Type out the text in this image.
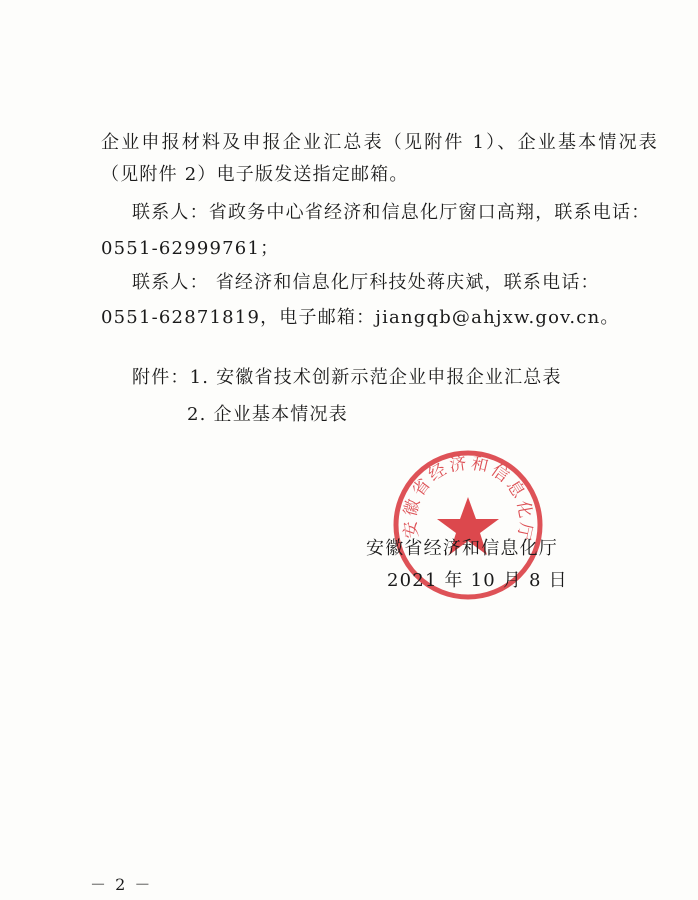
企业申报材料及申报企业汇总表（见附件 1）、企业基本情况表
（见附件 2）电子版发送指定邮箱。
联系人：省政务中心省经济和信息化厅窗口高翔，联系电话：
0551-62999761；
联系人： 省经济和信息化厅科技处蒋庆斌，联系电话：
0551-62871819，电子邮箱：jiangqb@ahjxw.gov.cn。
附件：1. 安徽省技术创新示范企业申报企业汇总表
2. 企业基本情况表
安徽省经济和信息化厅
安徽省经济和信息化厅
2021 年 10 月 8 日
－ 2 －
